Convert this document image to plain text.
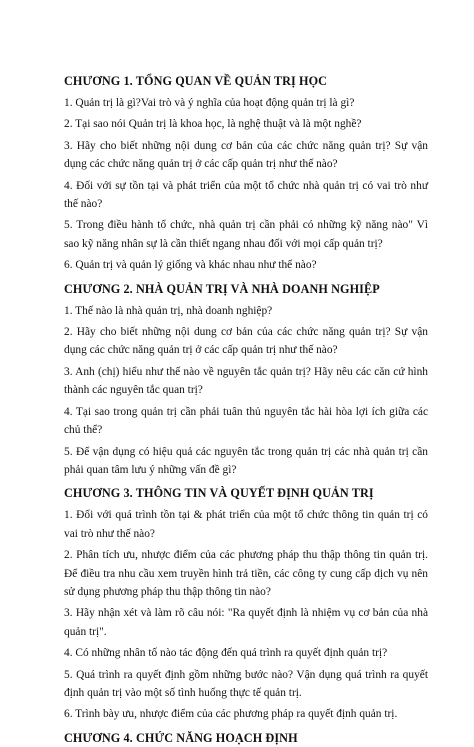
CHƯƠNG 1. TỔNG QUAN VỀ QUẢN TRỊ HỌC
1. Quản trị là gì?Vai trò và ý nghĩa của hoạt động quản trị là gì?
2. Tại sao nói Quản trị là khoa học, là nghệ thuật và là một nghề?
3. Hãy cho biết những nội dung cơ bản của các chức năng quản trị? Sự vận dụng các chức năng quản trị ở các cấp quản trị như thế nào?
4. Đối với sự tồn tại và phát triển của một tổ chức nhà quản trị có vai trò như thế nào?
5. Trong điều hành tổ chức, nhà quản trị cần phải có những kỹ năng nào" Vì sao kỹ năng nhân sự là cần thiết ngang nhau đối với mọi cấp quản trị?
6. Quản trị và quản lý giống và khác nhau như thế nào?
CHƯƠNG 2. NHÀ QUẢN TRỊ VÀ NHÀ DOANH NGHIỆP
1. Thế nào là nhà quản trị, nhà doanh nghiệp?
2. Hãy cho biết những nội dung cơ bản của các chức năng quản trị? Sự vận dụng các chức năng quản trị ở các cấp quản trị như thế nào?
3. Anh (chị) hiểu như thế nào về nguyên tắc quản trị? Hãy nêu các căn cứ hình thành các nguyên tắc quan trị?
4. Tại sao trong quản trị cần phải tuân thủ nguyên tắc hài hòa lợi ích giữa các chủ thể?
5. Để vận dụng có hiệu quả các nguyên tắc trong quản trị các nhà quản trị cần phải quan tâm lưu ý những vấn đề gì?
CHƯƠNG 3. THÔNG TIN VÀ QUYẾT ĐỊNH QUẢN TRỊ
1. Đối với quá trình tồn tại & phát triển của một tổ chức thông tin quản trị có vai trò như thế nào?
2. Phân tích ưu, nhược điểm của các phương pháp thu thập thông tin quản trị. Để điều tra nhu cầu xem truyền hình trả tiền, các công ty cung cấp dịch vụ nên sử dụng phương pháp thu thập thông tin nào?
3. Hãy nhận xét và làm rõ câu nói: "Ra quyết định là nhiệm vụ cơ bản của nhà quản trị".
4. Có những nhân tố nào tác động đến quá trình ra quyết định quản trị?
5. Quá trình ra quyết định gồm những bước nào? Vận dụng quá trình ra quyết định quản trị vào một số tình huống thực tế quản trị.
6. Trình bày ưu, nhược điểm của các phương pháp ra quyết định quản trị.
CHƯƠNG 4. CHỨC NĂNG HOẠCH ĐỊNH
